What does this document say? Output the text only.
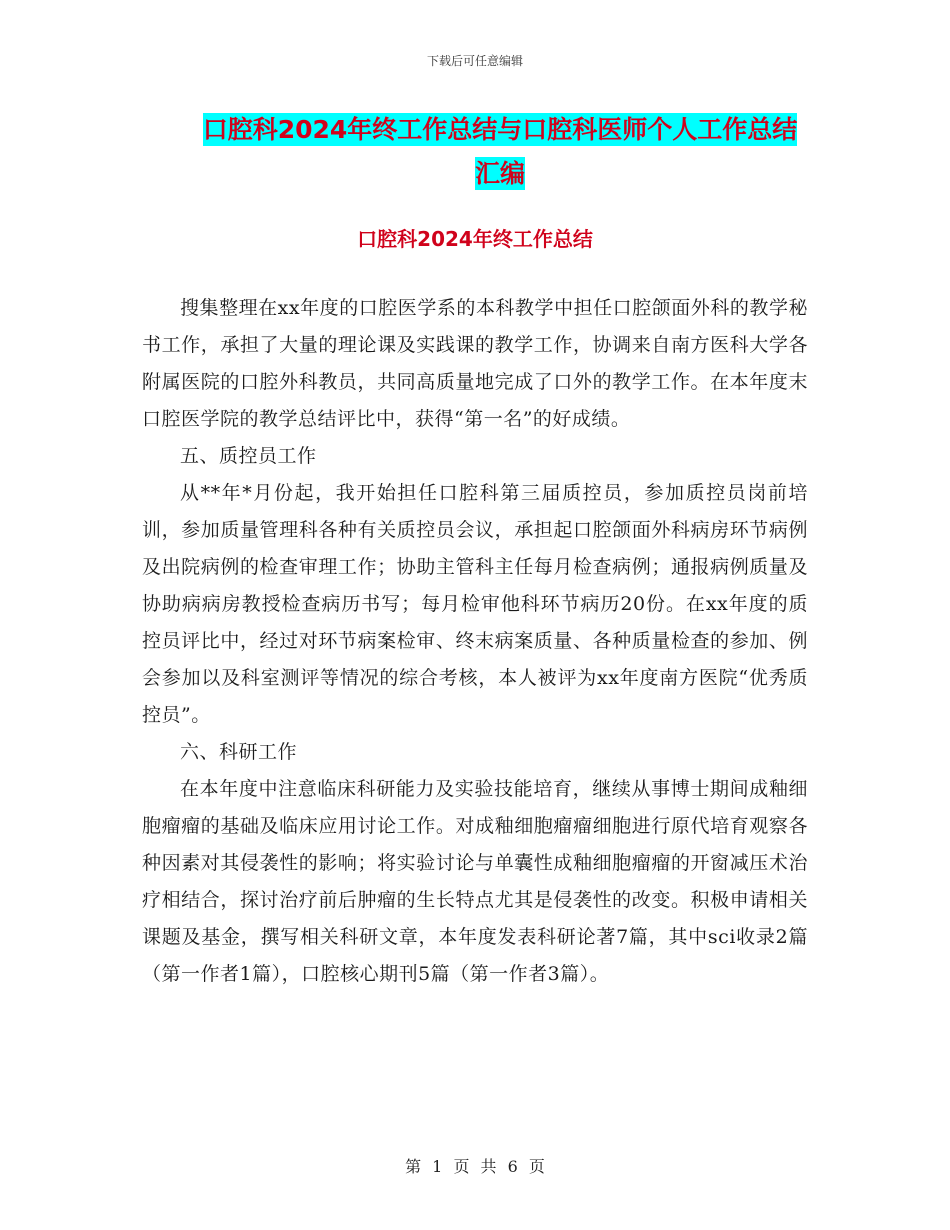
下载后可任意编辑
口腔科2024年终工作总结与口腔科医师个人工作总结
汇编
口腔科2024年终工作总结

搜集整理在xx年度的口腔医学系的本科教学中担任口腔颌面外科的教学秘书工作，承担了大量的理论课及实践课的教学工作，协调来自南方医科大学各附属医院的口腔外科教员，共同高质量地完成了口外的教学工作。在本年度末口腔医学院的教学总结评比中，获得“第一名”的好成绩。

五、质控员工作

从**年*月份起，我开始担任口腔科第三届质控员，参加质控员岗前培训，参加质量管理科各种有关质控员会议，承担起口腔颌面外科病房环节病例及出院病例的检查审理工作；协助主管科主任每月检查病例；通报病例质量及协助病病房教授检查病历书写；每月检审他科环节病历20份。在xx年度的质控员评比中，经过对环节病案检审、终末病案质量、各种质量检查的参加、例会参加以及科室测评等情况的综合考核，本人被评为xx年度南方医院“优秀质控员”。

六、科研工作

在本年度中注意临床科研能力及实验技能培育，继续从事博士期间成釉细胞瘤瘤的基础及临床应用讨论工作。对成釉细胞瘤瘤细胞进行原代培育观察各种因素对其侵袭性的影响；将实验讨论与单囊性成釉细胞瘤瘤的开窗减压术治疗相结合，探讨治疗前后肿瘤的生长特点尤其是侵袭性的改变。积极申请相关课题及基金，撰写相关科研文章，本年度发表科研论著7篇，其中sci收录2篇（第一作者1篇），口腔核心期刊5篇（第一作者3篇）。

第 1 页 共 6 页
